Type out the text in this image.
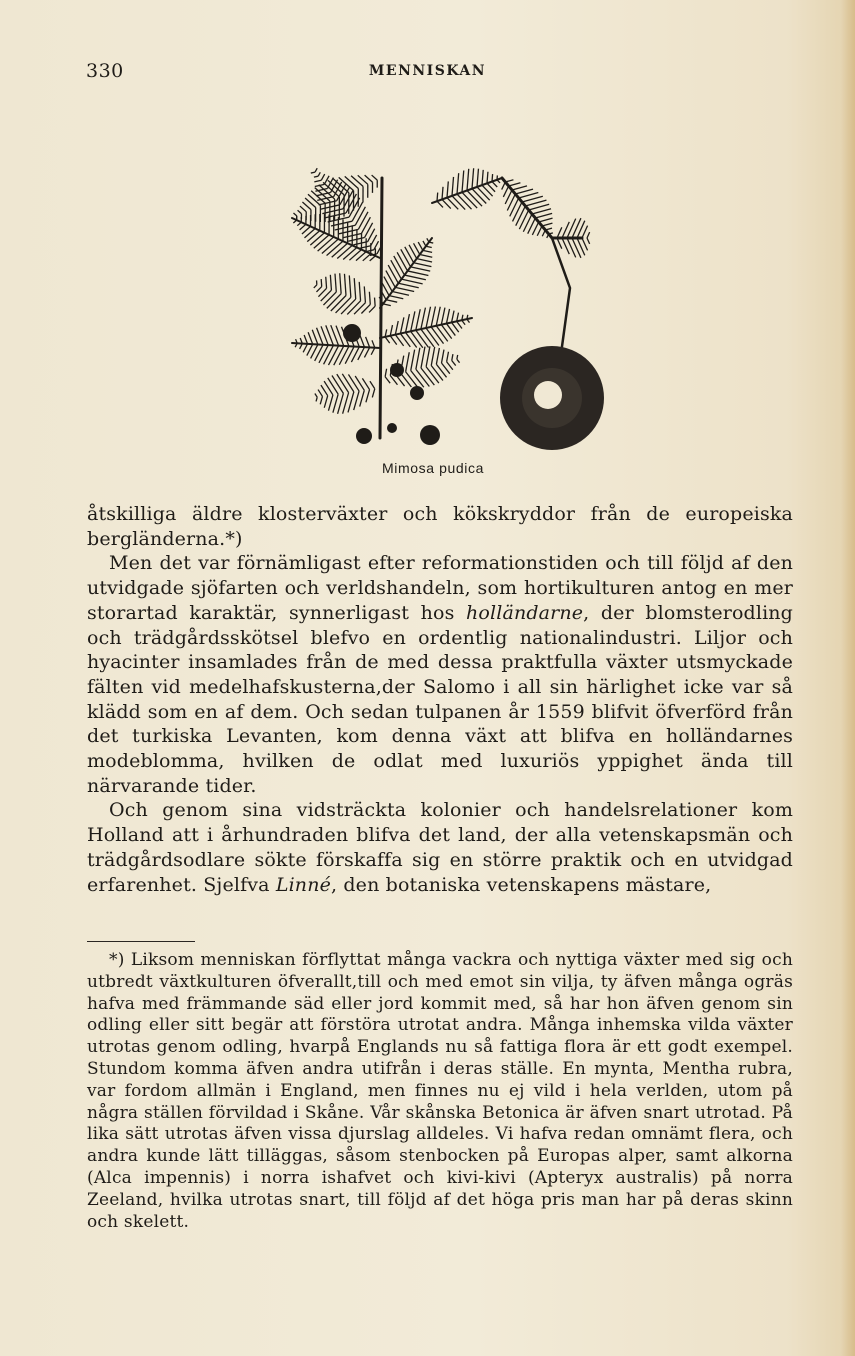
330	MENNISKAN
Mimosa pudica

åtskilliga äldre klosterväxter och kökskryddor från de europeiska bergländerna.*)

Men det var förnämligast efter reformationstiden och till följd af den utvidgade sjöfarten och verldshandeln, som hortikulturen antog en mer storartad karaktär, synnerligast hos holländarne, der blomsterodling och trädgårdsskötsel blefvo en ordentlig nationalindustri. Liljor och hyacinter insamlades från de med dessa praktfulla växter utsmyckade fälten vid medelhafskusterna,der Salomo i all sin härlighet icke var så klädd som en af dem. Och sedan tulpanen år 1559 blifvit öfverförd från det turkiska Levanten, kom denna växt att blifva en holländarnes modeblomma, hvilken de odlat med luxuriös yppighet ända till närvarande tider.

Och genom sina vidsträckta kolonier och handelsrelationer kom Holland att i århundraden blifva det land, der alla vetenskapsmän och trädgårdsodlare sökte förskaffa sig en större praktik och en utvidgad erfarenhet. Sjelfva Linné, den botaniska vetenskapens mästare,

*) Liksom menniskan förflyttat många vackra och nyttiga växter med sig och utbredt växtkulturen öfverallt,till och med emot sin vilja, ty äfven många ogräs hafva med främmande säd eller jord kommit med, så har hon äfven genom sin odling eller sitt begär att förstöra utrotat andra. Många inhemska vilda växter utrotas genom odling, hvarpå Englands nu så fattiga flora är ett godt exempel. Stundom komma äfven andra utifrån i deras ställe. En mynta, Mentha rubra, var fordom allmän i England, men finnes nu ej vild i hela verlden, utom på några ställen förvildad i Skåne. Vår skånska Betonica är äfven snart utrotad. På lika sätt utrotas äfven vissa djurslag alldeles. Vi hafva redan omnämt flera, och andra kunde lätt tilläggas, såsom stenbocken på Europas alper, samt alkorna (Alca impennis) i norra ishafvet och kivi-kivi (Apteryx australis) på norra Zeeland, hvilka utrotas snart, till följd af det höga pris man har på deras skinn och skelett.
